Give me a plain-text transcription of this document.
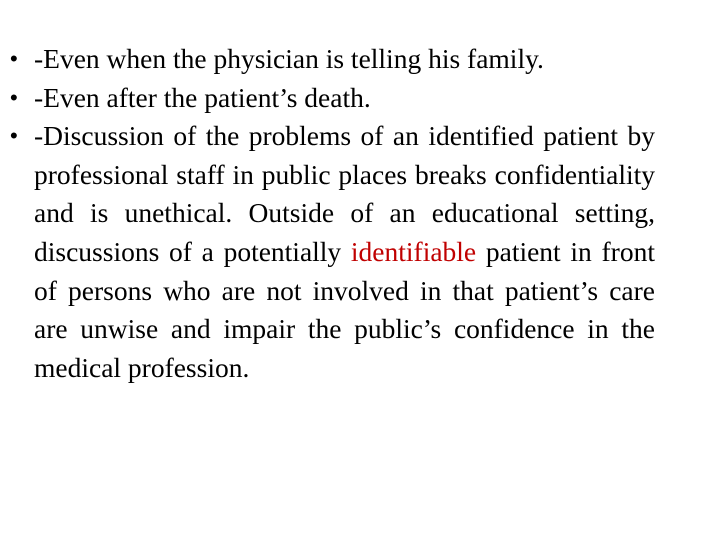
• -Even when the physician is telling his family.
• -Even after the patient’s death.
• -Discussion of the problems of an identified patient by professional staff in public places breaks confidentiality and is unethical. Outside of an educational setting, discussions of a potentially identifiable patient in front of persons who are not involved in that patient’s care are unwise and impair the public’s confidence in the medical profession.
